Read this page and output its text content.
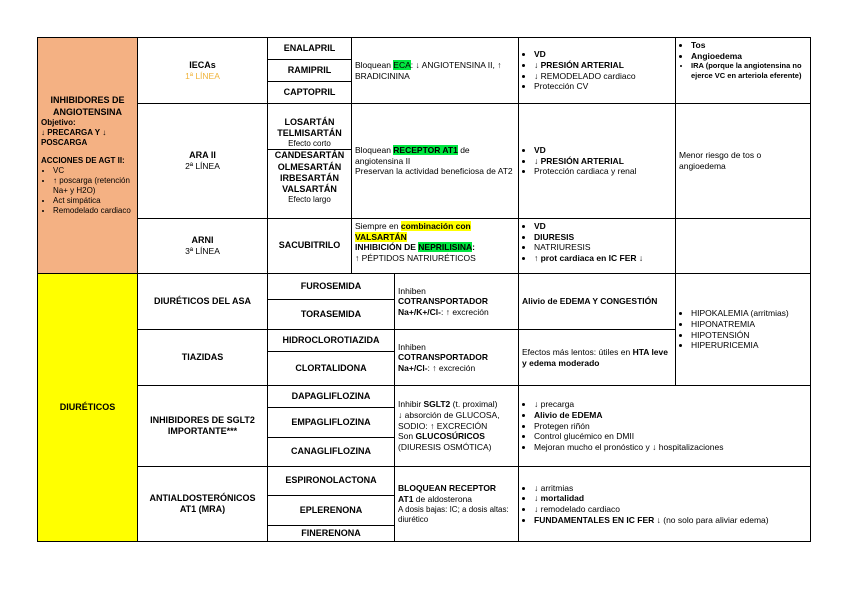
INHIBIDORES DE ANGIOTENSINA
Objetivo:
↓ PRECARGA Y ↓ POSCARGA
ACCIONES DE AGT II:
• VC
• ↑ poscarga (retención Na+ y H2O)
• Act simpática
• Remodelado cardiaco
IECAs
1ª LÍNEA
ENALAPRIL
RAMIPRIL
CAPTOPRIL
Bloquean ECA: ↓ ANGIOTENSINA II, ↑ BRADICININA
• VD
• ↓ PRESIÓN ARTERIAL
• ↓ REMODELADO cardiaco
• Protección CV
• Tos
• Angioedema
• IRA (porque la angiotensina no ejerce VC en arteriola eferente)
ARA II
2ª LÍNEA
LOSARTÁN
TELMISARTÁN
Efecto corto
CANDESARTÁN
OLMESARTÁN
IRBESARTÁN
VALSARTÁN
Efecto largo
Bloquean RECEPTOR AT1 de angiotensina II
Preservan la actividad beneficiosa de AT2
• VD
• ↓ PRESIÓN ARTERIAL
• Protección cardiaca y renal
Menor riesgo de tos o angioedema
ARNI
3ª LÍNEA
SACUBITRILO
Siempre en combinación con VALSARTÁN
INHIBICIÓN DE NEPRILISINA:
↑ PÉPTIDOS NATRIURÉTICOS
• VD
• DIURESIS
• NATRIURESIS
• ↑ prot cardiaca en IC FER ↓
DIURÉTICOS
DIURÉTICOS DEL ASA
FUROSEMIDA
TORASEMIDA
Inhiben
COTRANSPORTADOR
Na+/K+/Cl-: ↑ excreción
Alivio de EDEMA Y CONGESTIÓN
• HIPOKALEMIA (arritmias)
• HIPONATREMIA
• HIPOTENSIÓN
• HIPERURICEMIA
TIAZIDAS
HIDROCLOROTIAZIDA
CLORTALIDONA
Inhiben
COTRANSPORTADOR
Na+/Cl-: ↑ excreción
Efectos más lentos: útiles en HTA leve y edema moderado
INHIBIDORES DE SGLT2
IMPORTANTE***
DAPAGLIFLOZINA
EMPAGLIFLOZINA
CANAGLIFLOZINA
Inhibir SGLT2 (t. proximal)
↓ absorción de GLUCOSA, SODIO: ↑ EXCRECIÓN
Son GLUCOSÚRICOS
(DIURESIS OSMÓTICA)
• ↓ precarga
• Alivio de EDEMA
• Protegen riñón
• Control glucémico en DMII
• Mejoran mucho el pronóstico y ↓ hospitalizaciones
ANTIALDOSTERÓNICOS
AT1 (MRA)
ESPIRONOLACTONA
EPLERENONA
FINERENONA
BLOQUEAN RECEPTOR
AT1 de aldosterona
A dosis bajas: IC; a dosis altas: diurético
• ↓ arritmias
• ↓ mortalidad
• ↓ remodelado cardiaco
• FUNDAMENTALES EN IC FER ↓ (no solo para aliviar edema)
